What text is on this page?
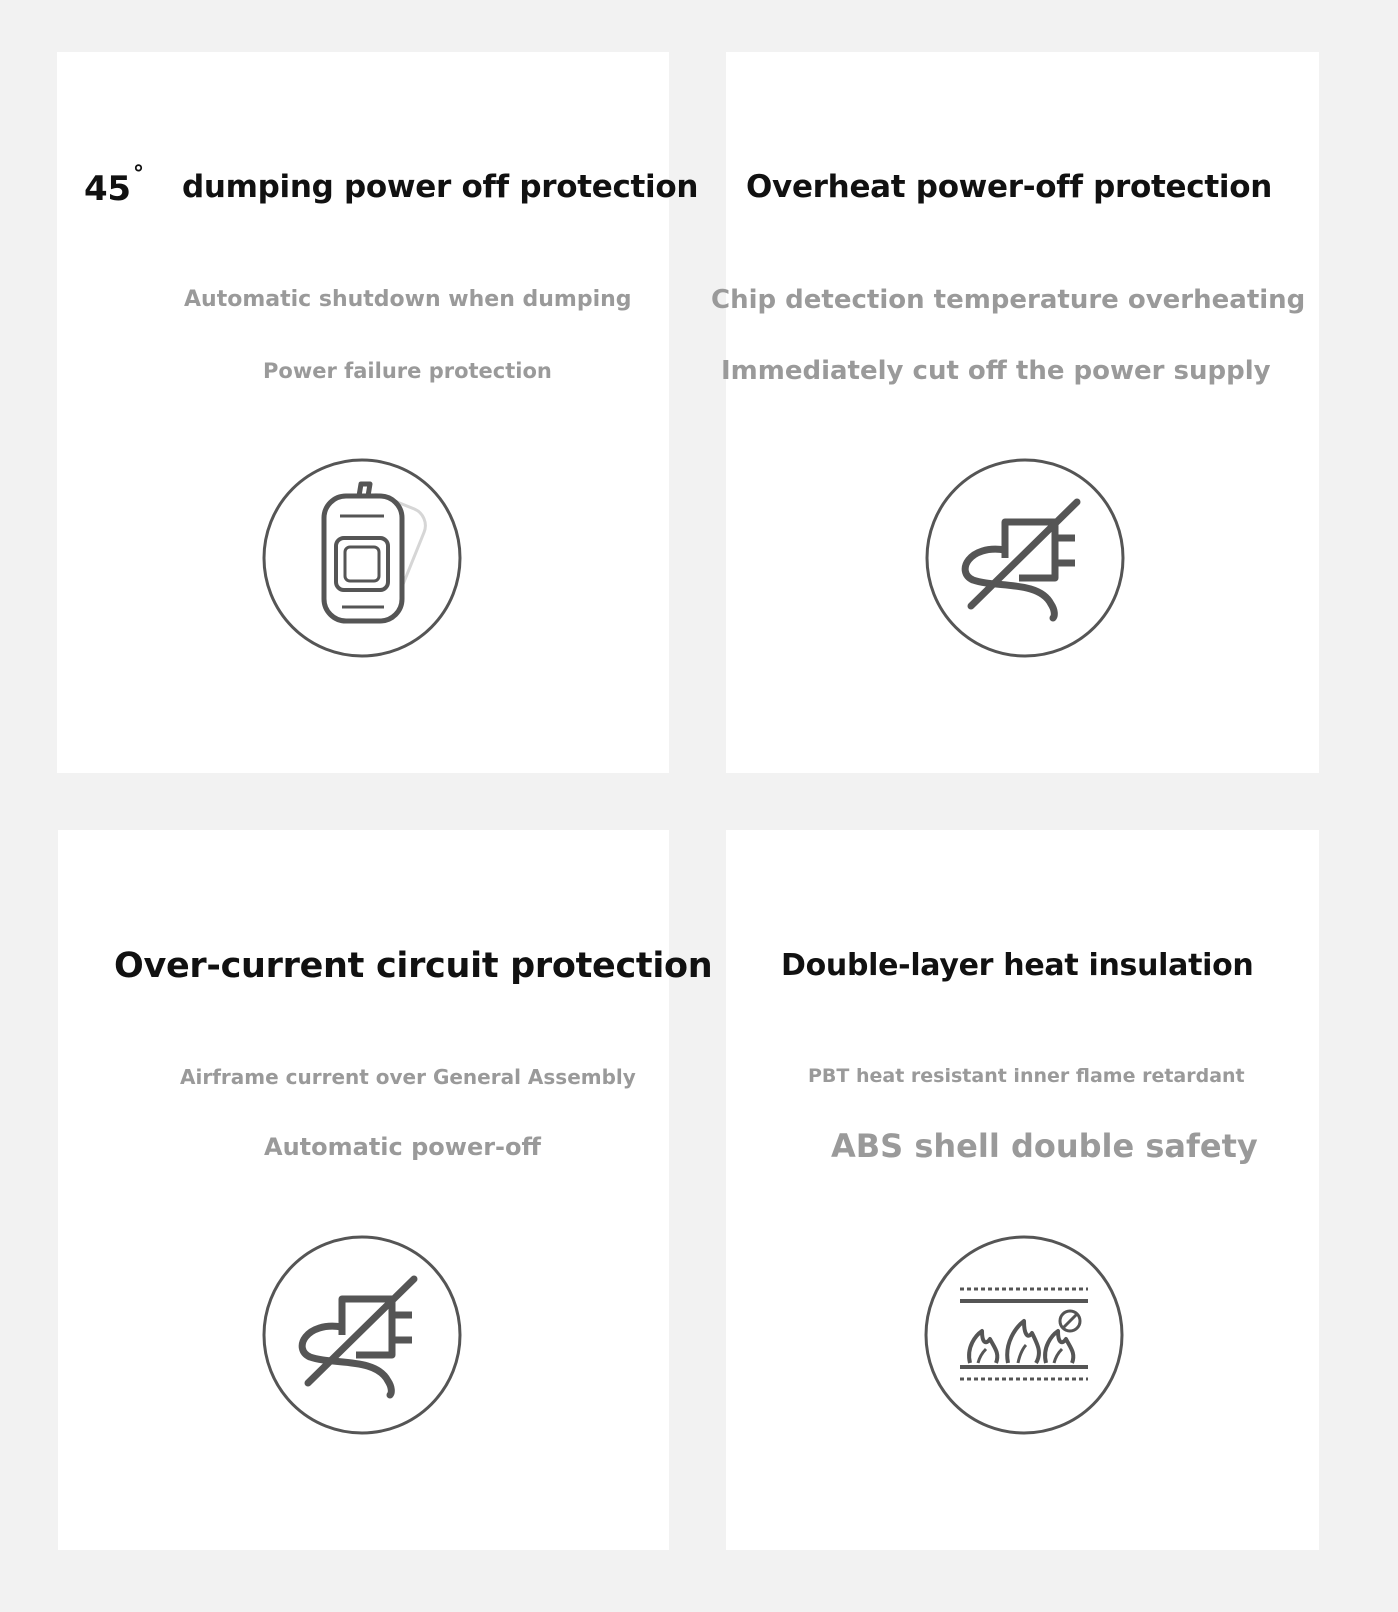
45 ° dumping power off protection

Automatic shutdown when dumping

Power failure protection

Overheat power-off protection

Chip detection temperature overheating

Immediately cut off the power supply

Over-current circuit protection

Airframe current over General Assembly

Automatic power-off

Double-layer heat insulation

PBT heat resistant inner flame retardant

ABS shell double safety
